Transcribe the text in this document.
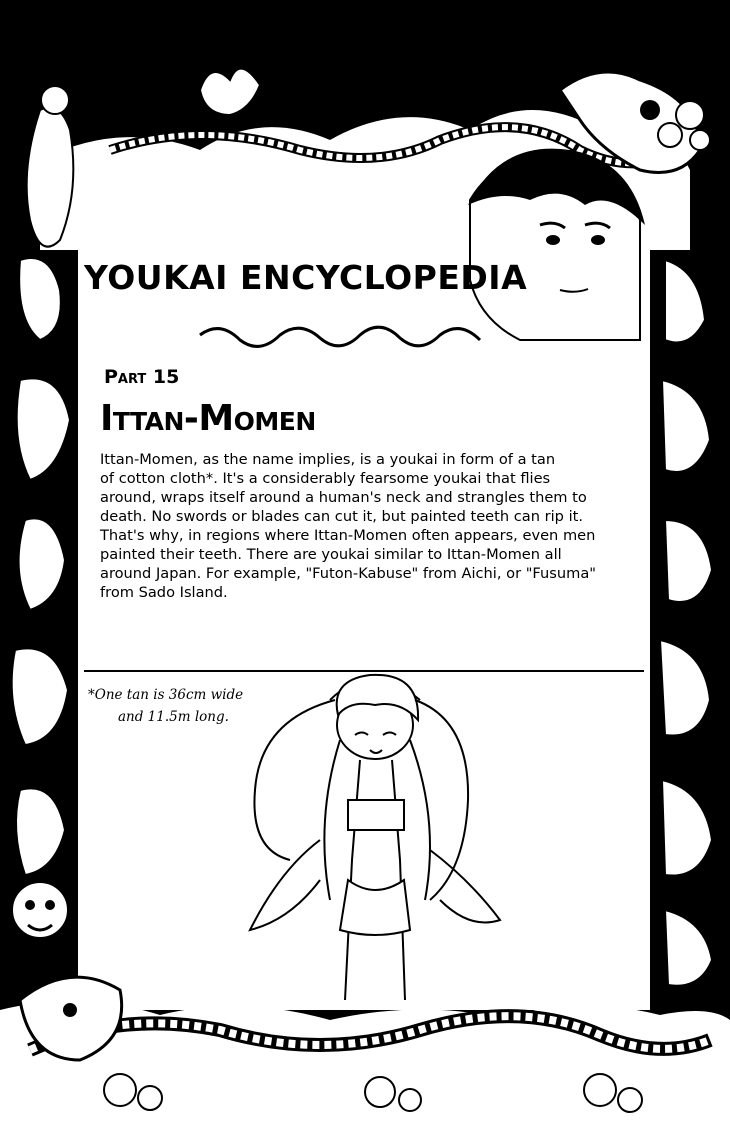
YOUKAI ENCYCLOPEDIA
Part 15
Ittan-Momen
Ittan-Momen, as the name implies, is a youkai in form of a tan
of cotton cloth*. It's a considerably fearsome youkai that flies
around, wraps itself around a human's neck and strangles them to
death. No swords or blades can cut it, but painted teeth can rip it.
That's why, in regions where Ittan-Momen often appears, even men
painted their teeth. There are youkai similar to Ittan-Momen all
around Japan. For example, "Futon-Kabuse" from Aichi, or "Fusuma"
from Sado Island.
*One tan is 36cm wide
and 11.5m long.
